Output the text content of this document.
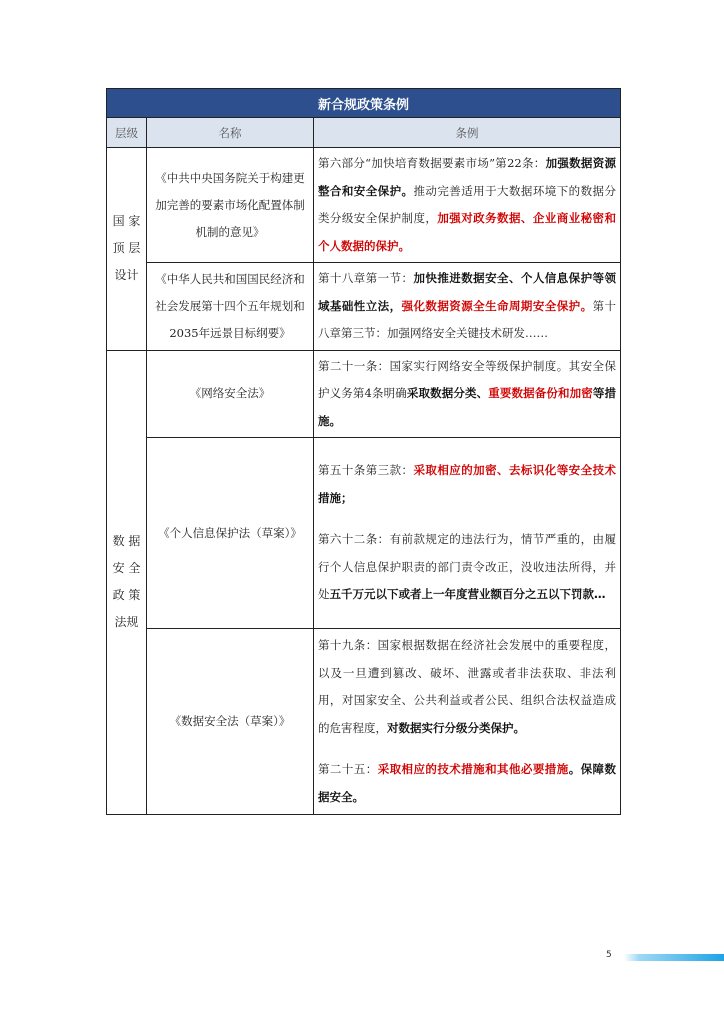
新合规政策条例		
层级	名称	条例

国 家
顶 层
设计	《中共中央国务院关于构建更加完善的要素市场化配置体制机制的意见》	第六部分“加快培育数据要素市场”第22条：加强数据资源整合和安全保护。推动完善适用于大数据环境下的数据分类分级安全保护制度，加强对政务数据、企业商业秘密和个人数据的保护。

	《中华人民共和国国民经济和社会发展第十四个五年规划和2035年远景目标纲要》	第十八章第一节：加快推进数据安全、个人信息保护等领域基础性立法，强化数据资源全生命周期安全保护。第十八章第三节：加强网络安全关键技术研发……

数 据
安 全
政 策
法规	《网络安全法》	第二十一条：国家实行网络安全等级保护制度。其安全保护义务第4条明确采取数据分类、重要数据备份和加密等措施。

	《个人信息保护法（草案）》	第五十条第三款：采取相应的加密、去标识化等安全技术措施；
第六十二条：有前款规定的违法行为，情节严重的，由履行个人信息保护职责的部门责令改正，没收违法所得，并处五千万元以下或者上一年度营业额百分之五以下罚款…

	《数据安全法（草案）》	第十九条：国家根据数据在经济社会发展中的重要程度，以及一旦遭到篡改、破坏、泄露或者非法获取、非法利用，对国家安全、公共利益或者公民、组织合法权益造成的危害程度，对数据实行分级分类保护。
第二十五：采取相应的技术措施和其他必要措施。保障数据安全。
5
